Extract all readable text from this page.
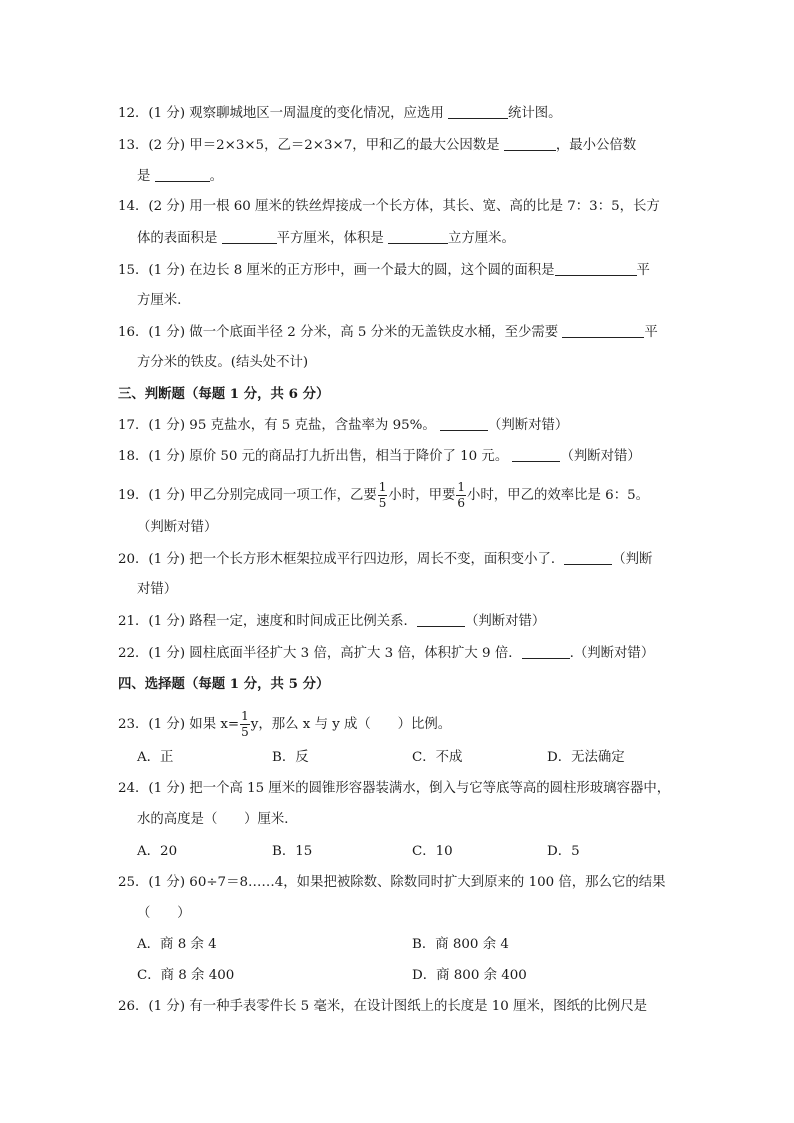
12．(1 分) 观察聊城地区一周温度的变化情况，应选用	统计图。
13．(2 分) 甲＝2×3×5，乙＝2×3×7，甲和乙的最大公因数是	，最小公倍数
是	。
14．(2 分) 用一根 60 厘米的铁丝焊接成一个长方体，其长、宽、高的比是 7：3：5，长方
体的表面积是	平方厘米，体积是	立方厘米。
15．(1 分) 在边长 8 厘米的正方形中，画一个最大的圆，这个圆的面积是	平
方厘米.
16．(1 分) 做一个底面半径 2 分米，高 5 分米的无盖铁皮水桶，至少需要	平
方分米的铁皮。(结头处不计)
三、判断题（每题 1 分，共 6 分）
17．(1 分) 95 克盐水，有 5 克盐，含盐率为 95%。	（判断对错）
18．(1 分) 原价 50 元的商品打九折出售，相当于降价了 10 元。	（判断对错）
19．(1 分) 甲乙分别完成同一项工作，乙要 $\frac{1}{5}$ 小时，甲要 $\frac{1}{6}$ 小时，甲乙的效率比是 6：5。
（判断对错）
20．(1 分) 把一个长方形木框架拉成平行四边形，周长不变，面积变小了．	（判断
对错）
21．(1 分) 路程一定，速度和时间成正比例关系．	（判断对错）
22．(1 分) 圆柱底面半径扩大 3 倍，高扩大 3 倍，体积扩大 9 倍．	.（判断对错）
四、选择题（每题 1 分，共 5 分）
23．(1 分) 如果 $x= \frac{1}{5}$ y，那么 x 与 y 成（　　）比例。
A．正	B．反	C．不成	D．无法确定
24．(1 分) 把一个高 15 厘米的圆锥形容器装满水，倒入与它等底等高的圆柱形玻璃容器中，
水的高度是（　　）厘米．
A．20	B．15	C．10	D．5
25．(1 分) 60÷7＝8……4，如果把被除数、除数同时扩大到原来的 100 倍，那么它的结果
（　　）
A．商 8 余 4	B．商 800 余 4
C．商 8 余 400	D．商 800 余 400
26．(1 分) 有一种手表零件长 5 毫米，在设计图纸上的长度是 10 厘米，图纸的比例尺是
